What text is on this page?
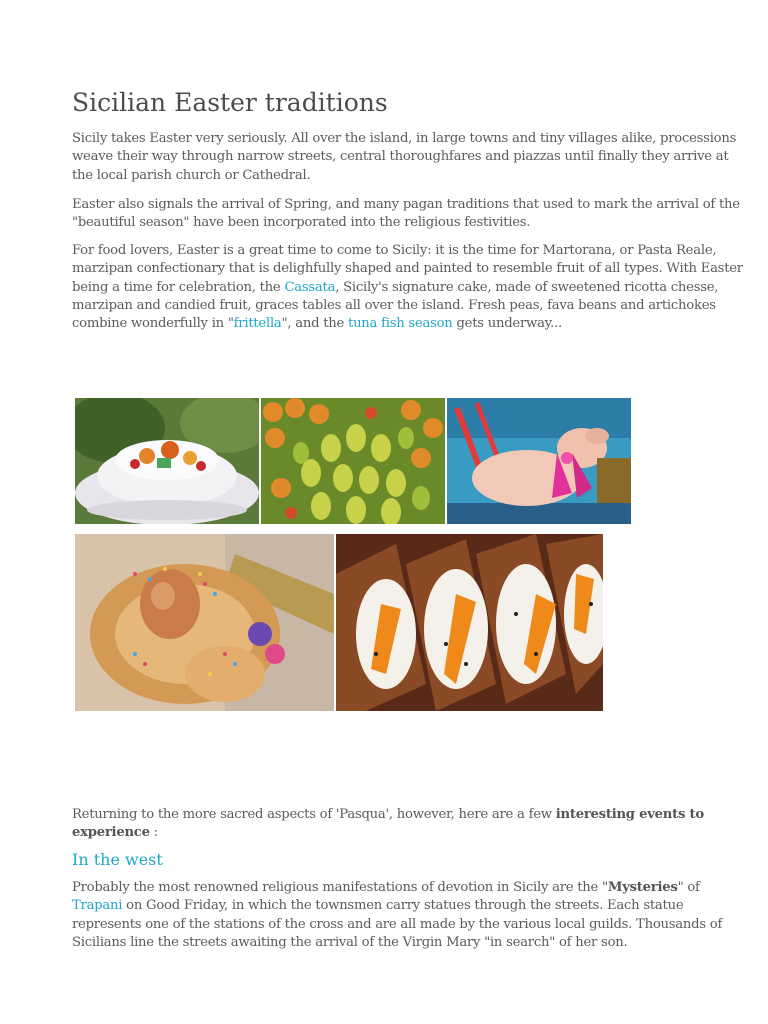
Sicilian Easter traditions

Sicily takes Easter very seriously. All over the island, in large towns and tiny villages alike, processions
weave their way through narrow streets, central thoroughfares and piazzas until finally they arrive at
the local parish church or Cathedral.

Easter also signals the arrival of Spring, and many pagan traditions that used to mark the arrival of the
"beautiful season" have been incorporated into the religious festivities.

For food lovers, Easter is a great time to come to Sicily: it is the time for Martorana, or Pasta Reale,
marzipan confectionary that is delighfully shaped and painted to resemble fruit of all types. With Easter
being a time for celebration, the Cassata, Sicily's signature cake, made of sweetened ricotta chesse,
marzipan and candied fruit, graces tables all over the island. Fresh peas, fava beans and artichokes
combine wonderfully in "frittella", and the tuna fish season gets underway...

Returning to the more sacred aspects of 'Pasqua', however, here are a few interesting events to
experience :

In the west

Probably the most renowned religious manifestations of devotion in Sicily are the "Mysteries" of
Trapani on Good Friday, in which the townsmen carry statues through the streets. Each statue
represents one of the stations of the cross and are all made by the various local guilds. Thousands of
Sicilians line the streets awaiting the arrival of the Virgin Mary "in search" of her son.
